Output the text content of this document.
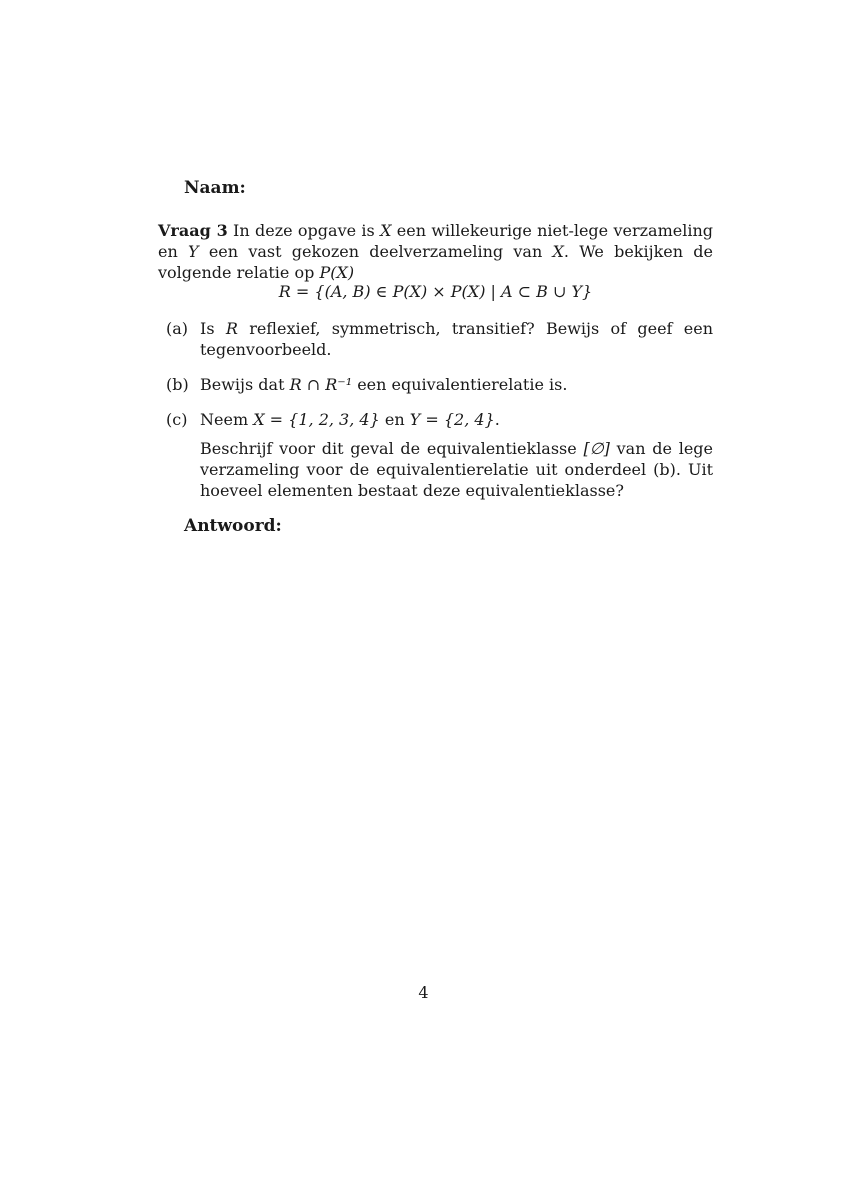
Naam:
Vraag 3 In deze opgave is X een willekeurige niet-lege verzameling en Y een vast gekozen deelverzameling van X. We bekijken de volgende relatie op P(X)
R = {(A, B) ∈ P(X) × P(X) | A ⊂ B ∪ Y}
(a) Is R reflexief, symmetrisch, transitief? Bewijs of geef een tegenvoorbeeld.
(b) Bewijs dat R ∩ R⁻¹ een equivalentierelatie is.
(c) Neem X = {1, 2, 3, 4} en Y = {2, 4}.
Beschrijf voor dit geval de equivalentieklasse [∅] van de lege verzameling voor de equivalentierelatie uit onderdeel (b). Uit hoeveel elementen bestaat deze equivalentieklasse?
Antwoord:
4
